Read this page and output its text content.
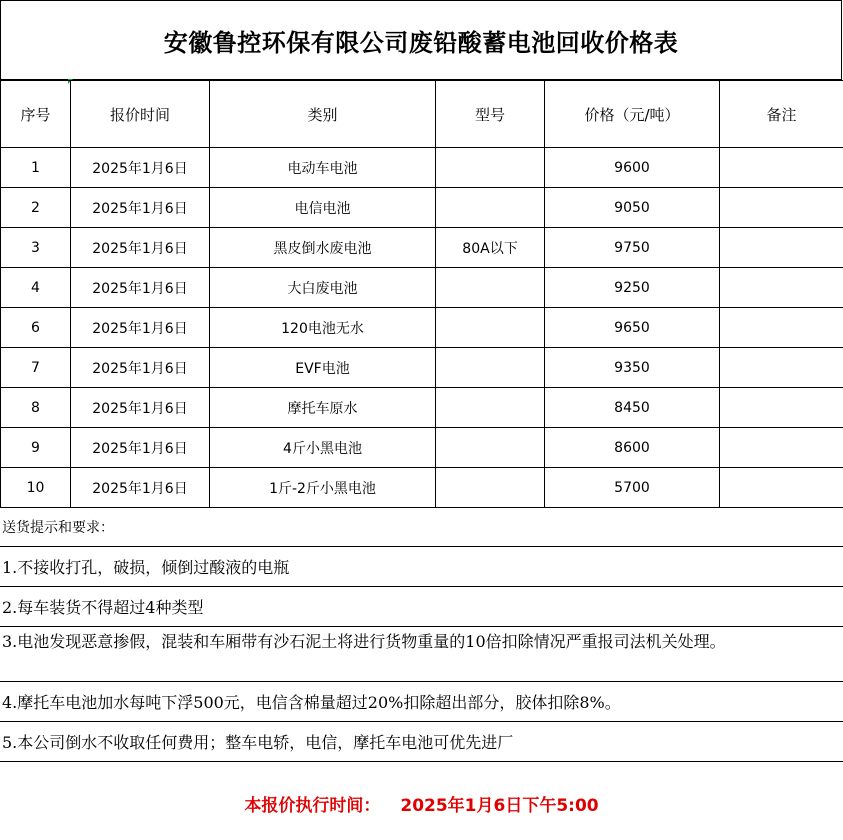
安徽鲁控环保有限公司废铅酸蓄电池回收价格表
序号	报价时间	类别	型号	价格（元/吨）	备注
1	2025年1月6日	电动车电池		9600	
2	2025年1月6日	电信电池		9050	
3	2025年1月6日	黑皮倒水废电池	80A以下	9750	
4	2025年1月6日	大白废电池		9250	
6	2025年1月6日	120电池无水		9650	
7	2025年1月6日	EVF电池		9350	
8	2025年1月6日	摩托车原水		8450	
9	2025年1月6日	4斤小黑电池		8600	
10	2025年1月6日	1斤-2斤小黑电池		5700	
送货提示和要求：
1.不接收打孔，破损，倾倒过酸液的电瓶
2.每车装货不得超过4种类型
3.电池发现恶意掺假，混装和车厢带有沙石泥土将进行货物重量的10倍扣除情况严重报司法机关处理。
4.摩托车电池加水每吨下浮500元，电信含棉量超过20%扣除超出部分，胶体扣除8%。
5.本公司倒水不收取任何费用；整车电轿，电信，摩托车电池可优先进厂
本报价执行时间： 2025年1月6日下午5:00
